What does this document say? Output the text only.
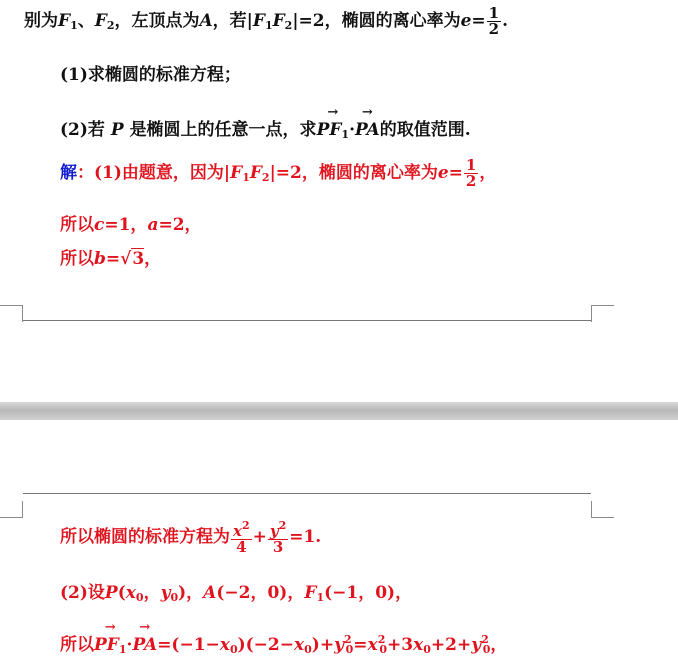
别为$F_1$、$F_2$，左顶点为A，若$|F_1F_2|=2$，椭圆的离心率为$e= \frac{1}{2}$ .
(1)求椭圆的标准方程；
(2)若 P 是椭圆上的任意一点，求→ $PF_1\cdot\to$ PA的取值范围.
解：(1)由题意，因为$|F_1F_2|=2$，椭圆的离心率为$e= \frac{1}{2}$ ，
所以c=1，a=2，
所以b=√3，
所以椭圆的标准方程为 $\frac{x^2}{4} + \frac{y^2}{3} =1$.
(2)设$P(x_0$，$y_0$)，A(−2，0)，$F_1(-1$，0)，
所以→ $PF_1\cdot\to PA=(-1-x_0)(-2-x_0)+y^2_0=x^2_0+3x_0+2+y^2_0$，
